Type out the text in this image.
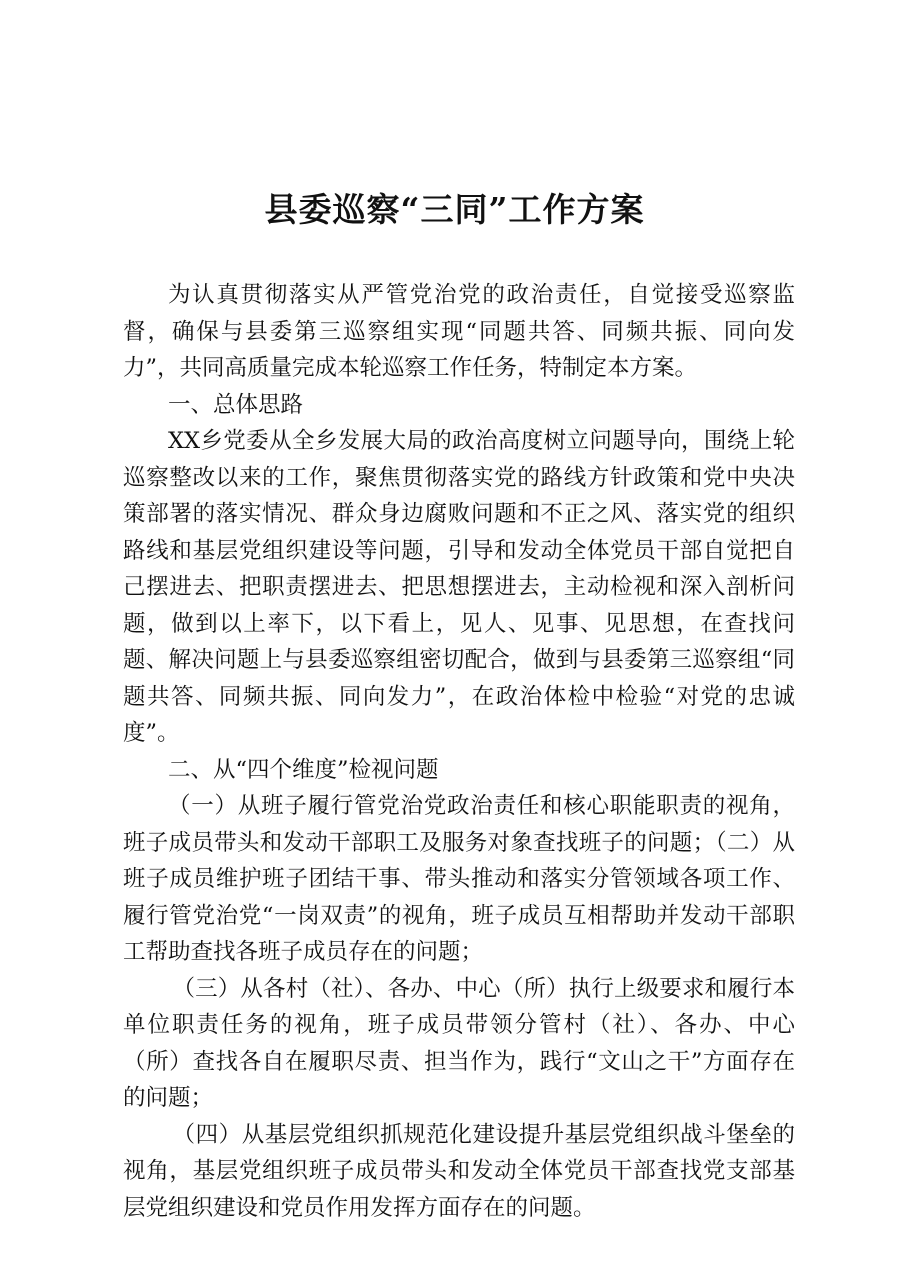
县委巡察“三同”工作方案

为认真贯彻落实从严管党治党的政治责任，自觉接受巡察监督，确保与县委第三巡察组实现“同题共答、同频共振、同向发力”，共同高质量完成本轮巡察工作任务，特制定本方案。

一、总体思路

XX乡党委从全乡发展大局的政治高度树立问题导向，围绕上轮巡察整改以来的工作，聚焦贯彻落实党的路线方针政策和党中央决策部署的落实情况、群众身边腐败问题和不正之风、落实党的组织路线和基层党组织建设等问题，引导和发动全体党员干部自觉把自己摆进去、把职责摆进去、把思想摆进去，主动检视和深入剖析问题，做到以上率下，以下看上，见人、见事、见思想，在查找问题、解决问题上与县委巡察组密切配合，做到与县委第三巡察组“同题共答、同频共振、同向发力”，在政治体检中检验“对党的忠诚度”。

二、从“四个维度”检视问题

（一）从班子履行管党治党政治责任和核心职能职责的视角，班子成员带头和发动干部职工及服务对象查找班子的问题；（二）从班子成员维护班子团结干事、带头推动和落实分管领域各项工作、履行管党治党“一岗双责”的视角，班子成员互相帮助并发动干部职工帮助查找各班子成员存在的问题；

（三）从各村（社）、各办、中心（所）执行上级要求和履行本单位职责任务的视角，班子成员带领分管村（社）、各办、中心（所）查找各自在履职尽责、担当作为，践行“文山之干”方面存在的问题；

（四）从基层党组织抓规范化建设提升基层党组织战斗堡垒的视角，基层党组织班子成员带头和发动全体党员干部查找党支部基层党组织建设和党员作用发挥方面存在的问题。
